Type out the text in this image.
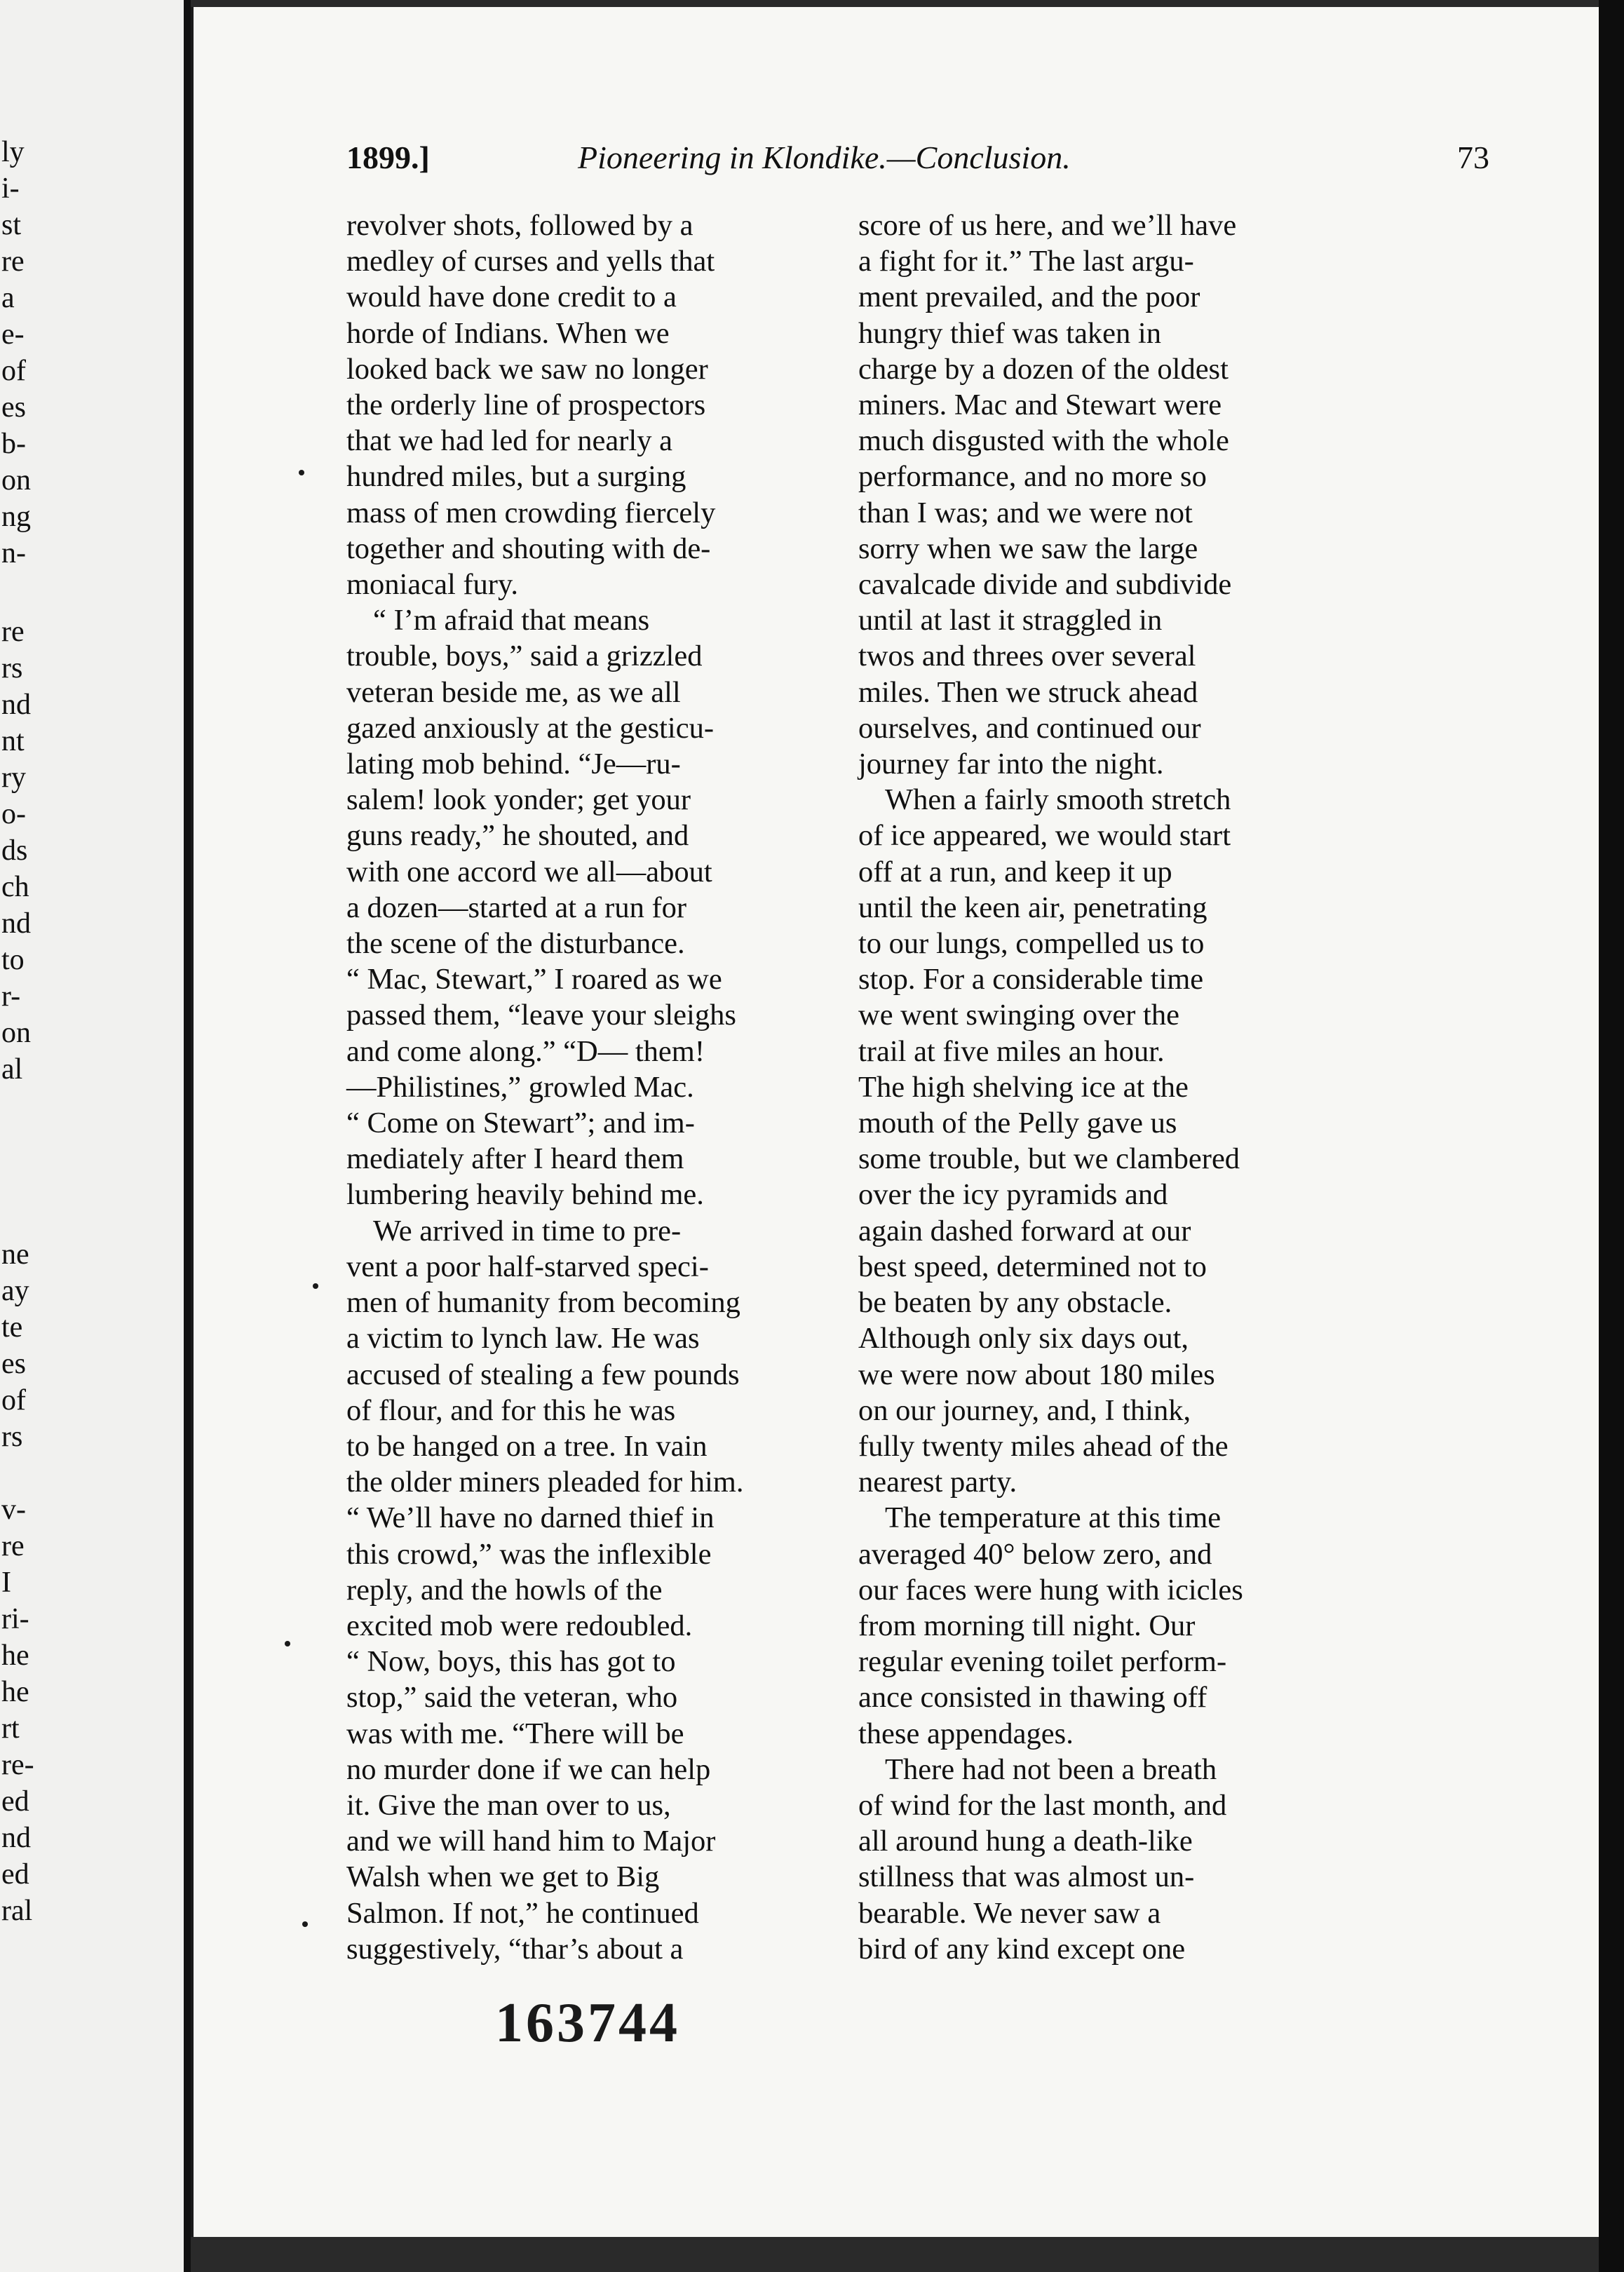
ly
i-
st
re
a
e-
of
es
b-
on
ng
n-
re
rs
nd
nt
ry
o-
ds
ch
nd
to
r-
on
al
ne
ay
te
es
of
rs
v-
re
I
ri-
he
he
rt
re-
ed
nd
ed
ral
1899.]	Pioneering in Klondike.—Conclusion.	73
revolver shots, followed by a
medley of curses and yells that
would have done credit to a
horde of Indians. When we
looked back we saw no longer
the orderly line of prospectors
that we had led for nearly a
hundred miles, but a surging
mass of men crowding fiercely
together and shouting with de-
moniacal fury.
“ I’m afraid that means
trouble, boys,” said a grizzled
veteran beside me, as we all
gazed anxiously at the gesticu-
lating mob behind. “Je—ru-
salem! look yonder; get your
guns ready,” he shouted, and
with one accord we all—about
a dozen—started at a run for
the scene of the disturbance.
“ Mac, Stewart,” I roared as we
passed them, “leave your sleighs
and come along.” “D— them!
—Philistines,” growled Mac.
“ Come on Stewart”; and im-
mediately after I heard them
lumbering heavily behind me.
We arrived in time to pre-
vent a poor half-starved speci-
men of humanity from becoming
a victim to lynch law. He was
accused of stealing a few pounds
of flour, and for this he was
to be hanged on a tree. In vain
the older miners pleaded for him.
“ We’ll have no darned thief in
this crowd,” was the inflexible
reply, and the howls of the
excited mob were redoubled.
“ Now, boys, this has got to
stop,” said the veteran, who
was with me. “There will be
no murder done if we can help
it. Give the man over to us,
and we will hand him to Major
Walsh when we get to Big
Salmon. If not,” he continued
suggestively, “thar’s about a
score of us here, and we’ll have
a fight for it.” The last argu-
ment prevailed, and the poor
hungry thief was taken in
charge by a dozen of the oldest
miners. Mac and Stewart were
much disgusted with the whole
performance, and no more so
than I was; and we were not
sorry when we saw the large
cavalcade divide and subdivide
until at last it straggled in
twos and threes over several
miles. Then we struck ahead
ourselves, and continued our
journey far into the night.
When a fairly smooth stretch
of ice appeared, we would start
off at a run, and keep it up
until the keen air, penetrating
to our lungs, compelled us to
stop. For a considerable time
we went swinging over the
trail at five miles an hour.
The high shelving ice at the
mouth of the Pelly gave us
some trouble, but we clambered
over the icy pyramids and
again dashed forward at our
best speed, determined not to
be beaten by any obstacle.
Although only six days out,
we were now about 180 miles
on our journey, and, I think,
fully twenty miles ahead of the
nearest party.
The temperature at this time
averaged 40° below zero, and
our faces were hung with icicles
from morning till night. Our
regular evening toilet perform-
ance consisted in thawing off
these appendages.
There had not been a breath
of wind for the last month, and
all around hung a death-like
stillness that was almost un-
bearable. We never saw a
bird of any kind except one
163744
